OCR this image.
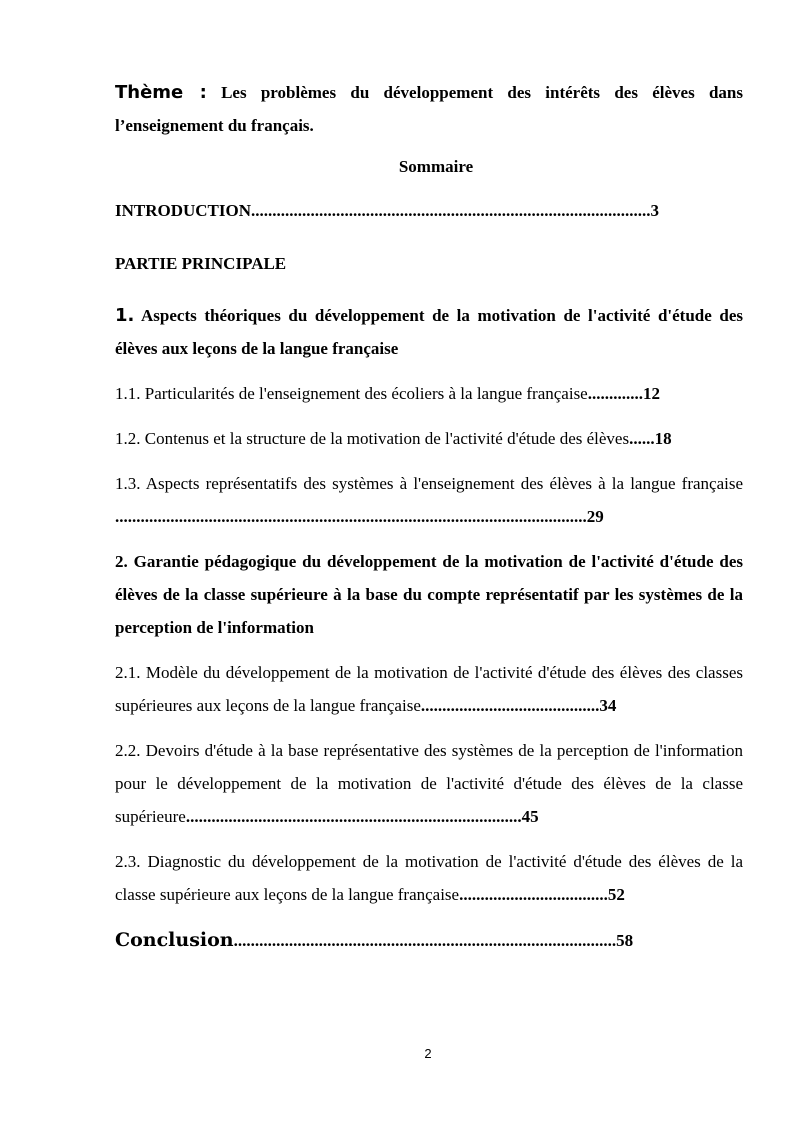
Thème : Les problèmes du développement des intérêts des élèves dans l’enseignement du français.
Sommaire
INTRODUCTION..............................................................................................3
PARTIE PRINCIPALE
1. Aspects théoriques du développement de la motivation de l'activité d'étude des élèves aux leçons de la langue française
1.1. Particularités de l'enseignement des écoliers à la langue française.............12
1.2. Contenus et la structure de la motivation de l'activité d'étude des élèves......18
1.3. Aspects représentatifs des systèmes à l'enseignement des élèves à la langue française ...............................................................................................................29
2. Garantie pédagogique du développement de la motivation de l'activité d'étude des élèves de la classe supérieure à la base du compte représentatif par les systèmes de la perception de l'information
2.1. Modèle du développement de la motivation de l'activité d'étude des élèves des classes supérieures aux leçons de la langue française..........................................34
2.2. Devoirs d'étude à la base représentative des systèmes de la perception de l'information pour le développement de la motivation de l'activité d'étude des élèves de la classe supérieure...............................................................................45
2.3. Diagnostic du développement de la motivation de l'activité d'étude des élèves de la classe supérieure aux leçons de la langue française...................................52
Conclusion..........................................................................................58
2
